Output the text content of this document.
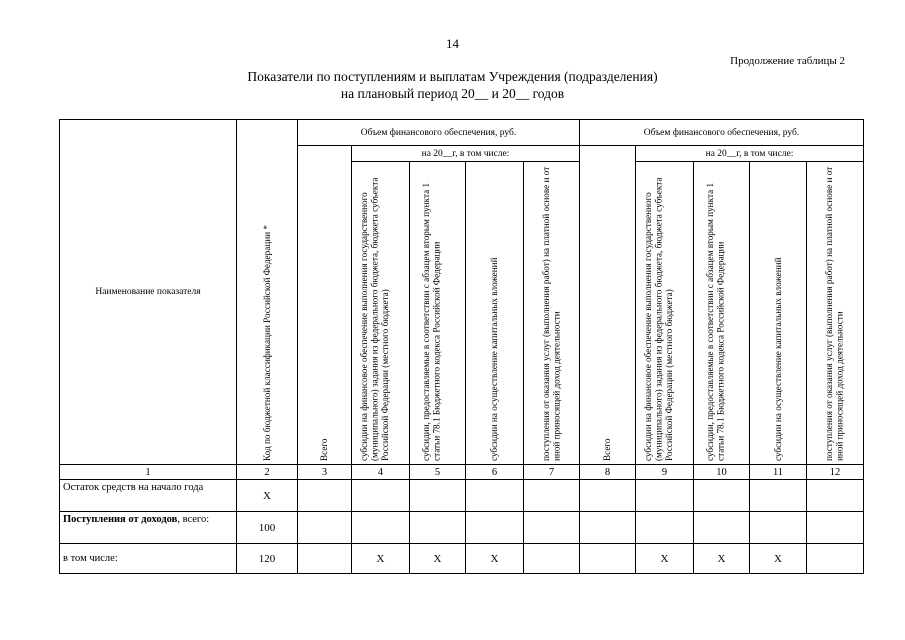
14
Продолжение таблицы 2
Показатели по поступлениям и выплатам Учреждения (подразделения)
на плановый период 20__ и 20__ годов
Наименование показателя	Код по бюджетной классификации Российской Федерации *	Объем финансового обеспечения, руб.					Объем финансового обеспечения, руб.				

		Всего	на 20__г, в том числе:				Всего	на 20__г, в том числе:			

			субсидии на финансовое обеспечение выполнения государственного (муниципального) задания из федерального бюджета, бюджета субъекта Российской Федерации (местного бюджета)	субсидии, предоставляемые в соответствии с абзацем вторым пункта 1 статьи 78.1 Бюджетного кодекса Российской Федерации	субсидии на осуществление капитальных вложений	поступления от оказания услуг (выполнения работ) на платной основе и от иной приносящей доход деятельности		субсидии на финансовое обеспечение выполнения государственного (муниципального) задания из федерального бюджета, бюджета субъекта Российской Федерации (местного бюджета)	субсидии, предоставляемые в соответствии с абзацем вторым пункта 1 статьи 78.1 Бюджетного кодекса Российской Федерации	субсидии на осуществление капитальных вложений	поступления от оказания услуг (выполнения работ) на платной основе и от иной приносящей доход деятельности

1	2	3	4	5	6	7	8	9	10	11	12
Остаток средств на начало года	X										
Поступления от доходов, всего:	100										
в том числе:	120		X	X	X			X	X	X	
